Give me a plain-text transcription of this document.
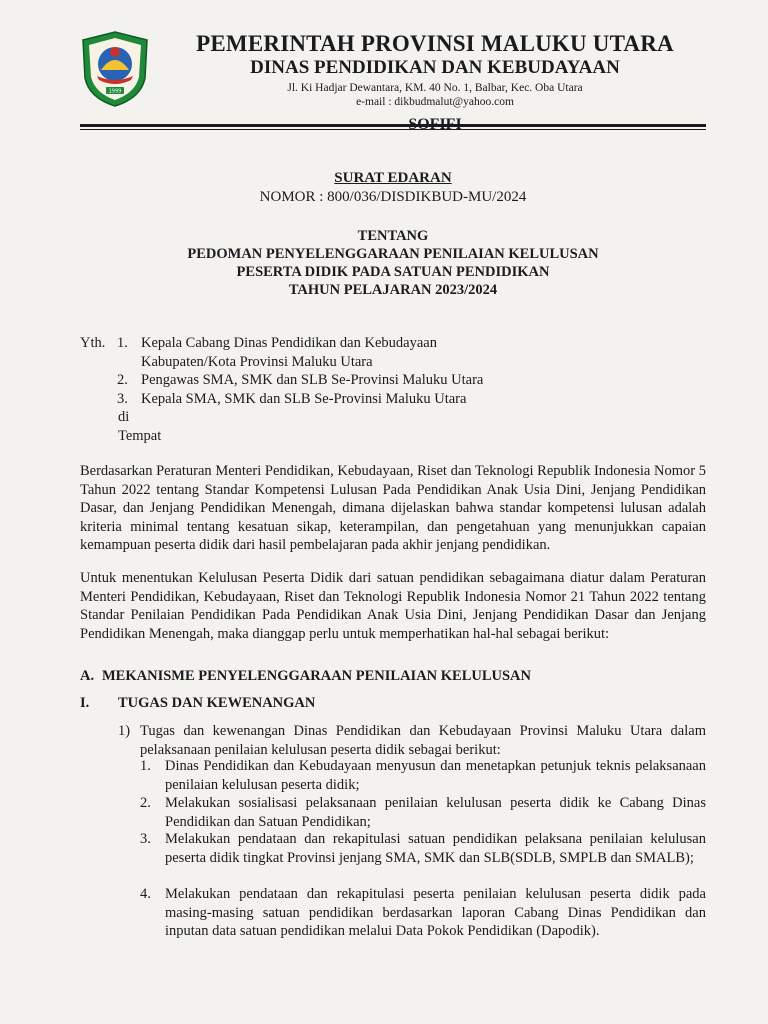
1999
PEMERINTAH PROVINSI MALUKU UTARA
DINAS PENDIDIKAN DAN KEBUDAYAAN
Jl. Ki Hadjar Dewantara, KM. 40 No. 1, Balbar, Kec. Oba Utara
e-mail : dikbudmalut@yahoo.com
SURAT EDARAN
NOMOR : 800/036/DISDIKBUD-MU/2024
TENTANG
PEDOMAN PENYELENGGARAAN PENILAIAN KELULUSAN
PESERTA DIDIK PADA SATUAN PENDIDIKAN
TAHUN PELAJARAN 2023/2024
Yth. 1. Kepala Cabang Dinas Pendidikan dan Kebudayaan
Kabupaten/Kota Provinsi Maluku Utara
2. Pengawas SMA, SMK dan SLB Se-Provinsi Maluku Utara
3. Kepala SMA, SMK dan SLB Se-Provinsi Maluku Utara
di
Tempat
Berdasarkan Peraturan Menteri Pendidikan, Kebudayaan, Riset dan Teknologi Republik Indonesia Nomor 5 Tahun 2022 tentang Standar Kompetensi Lulusan Pada Pendidikan Anak Usia Dini, Jenjang Pendidikan Dasar, dan Jenjang Pendidikan Menengah, dimana dijelaskan bahwa standar kompetensi lulusan adalah kriteria minimal tentang kesatuan sikap, keterampilan, dan pengetahuan yang menunjukkan capaian kemampuan peserta didik dari hasil pembelajaran pada akhir jenjang pendidikan.
Untuk menentukan Kelulusan Peserta Didik dari satuan pendidikan sebagaimana diatur dalam Peraturan Menteri Pendidikan, Kebudayaan, Riset dan Teknologi Republik Indonesia Nomor 21 Tahun 2022 tentang Standar Penilaian Pendidikan Pada Pendidikan Anak Usia Dini, Jenjang Pendidikan Dasar dan Jenjang Pendidikan Menengah, maka dianggap perlu untuk memperhatikan hal-hal sebagai berikut:
A. MEKANISME PENYELENGGARAAN PENILAIAN KELULUSAN
I. TUGAS DAN KEWENANGAN
1) Tugas dan kewenangan Dinas Pendidikan dan Kebudayaan Provinsi Maluku Utara dalam pelaksanaan penilaian kelulusan peserta didik sebagai berikut:
1. Dinas Pendidikan dan Kebudayaan menyusun dan menetapkan petunjuk teknis pelaksanaan penilaian kelulusan peserta didik;
2. Melakukan sosialisasi pelaksanaan penilaian kelulusan peserta didik ke Cabang Dinas Pendidikan dan Satuan Pendidikan;
3. Melakukan pendataan dan rekapitulasi satuan pendidikan pelaksana penilaian kelulusan peserta didik tingkat Provinsi jenjang SMA, SMK dan SLB(SDLB, SMPLB dan SMALB);
4. Melakukan pendataan dan rekapitulasi peserta penilaian kelulusan peserta didik pada masing-masing satuan pendidikan berdasarkan laporan Cabang Dinas Pendidikan dan inputan data satuan pendidikan melalui Data Pokok Pendidikan (Dapodik).
